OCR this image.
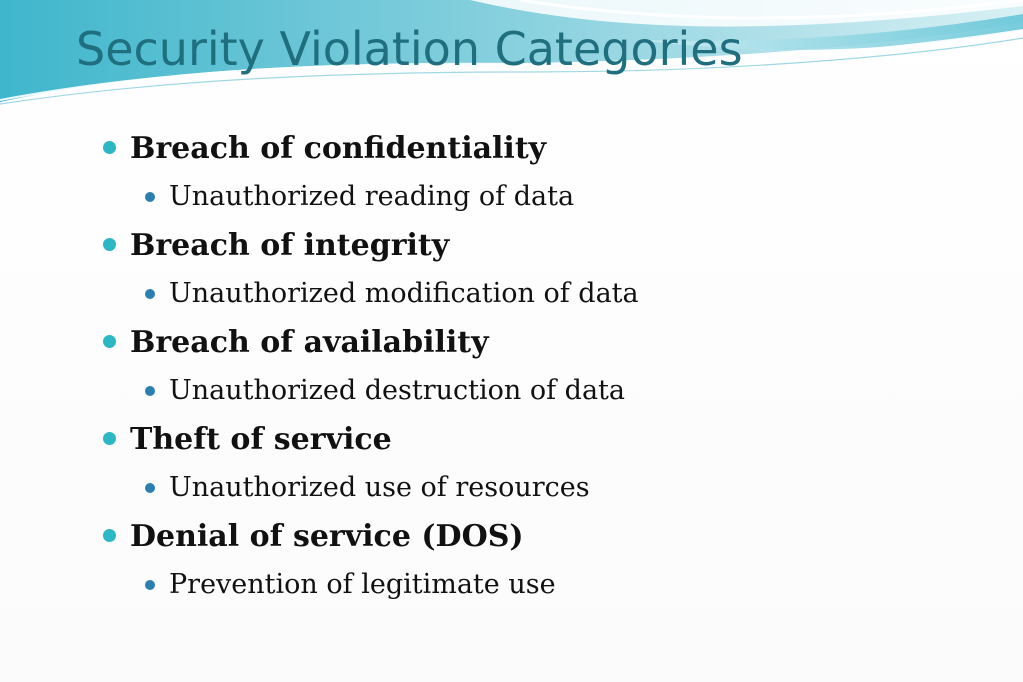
Security Violation Categories
Breach of confidentiality
Unauthorized reading of data
Breach of integrity
Unauthorized modification of data
Breach of availability
Unauthorized destruction of data
Theft of service
Unauthorized use of resources
Denial of service (DOS)
Prevention of legitimate use
